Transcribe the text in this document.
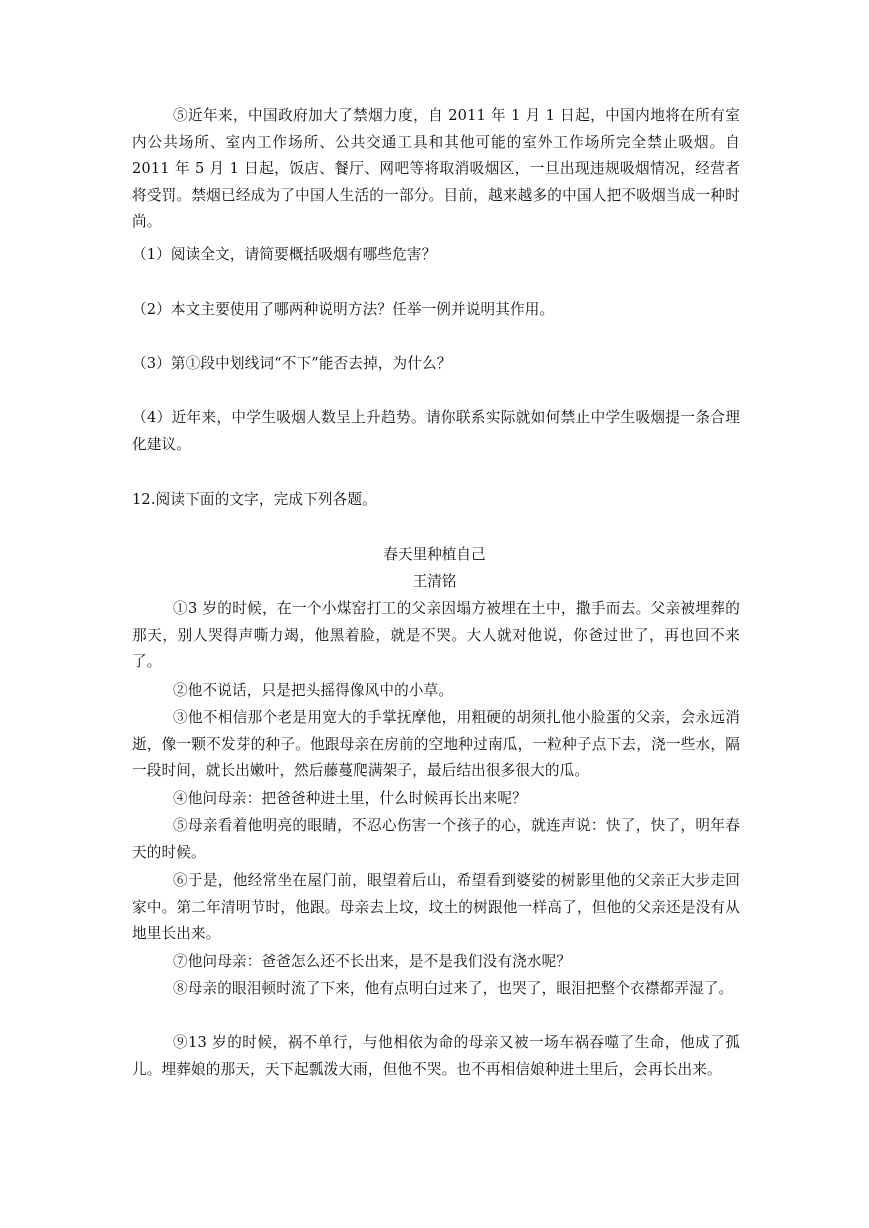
⑤近年来，中国政府加大了禁烟力度，自 2011 年 1 月 1 日起，中国内地将在所有室内公共场所、室内工作场所、公共交通工具和其他可能的室外工作场所完全禁止吸烟。自 2011 年 5 月 1 日起，饭店、餐厅、网吧等将取消吸烟区，一旦出现违规吸烟情况，经营者将受罚。禁烟已经成为了中国人生活的一部分。目前，越来越多的中国人把不吸烟当成一种时尚。
（1）阅读全文，请简要概括吸烟有哪些危害？
（2）本文主要使用了哪两种说明方法？任举一例并说明其作用。
（3）第①段中划线词“不下”能否去掉，为什么？
（4）近年来，中学生吸烟人数呈上升趋势。请你联系实际就如何禁止中学生吸烟提一条合理化建议。
12.阅读下面的文字，完成下列各题。
春天里种植自己
王清铭
①3 岁的时候，在一个小煤窑打工的父亲因塌方被埋在土中，撒手而去。父亲被埋葬的那天，别人哭得声嘶力竭，他黑着脸，就是不哭。大人就对他说，你爸过世了，再也回不来了。
②他不说话，只是把头摇得像风中的小草。
③他不相信那个老是用宽大的手掌抚摩他，用粗硬的胡须扎他小脸蛋的父亲，会永远消逝，像一颗不发芽的种子。他跟母亲在房前的空地种过南瓜，一粒种子点下去，浇一些水，隔一段时间，就长出嫩叶，然后藤蔓爬满架子，最后结出很多很大的瓜。
④他问母亲：把爸爸种进土里，什么时候再长出来呢？
⑤母亲看着他明亮的眼睛，不忍心伤害一个孩子的心，就连声说：快了，快了，明年春天的时候。
⑥于是，他经常坐在屋门前，眼望着后山，希望看到婆娑的树影里他的父亲正大步走回家中。第二年清明节时，他跟。母亲去上坟，坟土的树跟他一样高了，但他的父亲还是没有从地里长出来。
⑦他问母亲：爸爸怎么还不长出来，是不是我们没有浇水呢？
⑧母亲的眼泪顿时流了下来，他有点明白过来了，也哭了，眼泪把整个衣襟都弄湿了。
⑨13 岁的时候，祸不单行，与他相依为命的母亲又被一场车祸吞噬了生命，他成了孤儿。埋葬娘的那天，天下起瓢泼大雨，但他不哭。也不再相信娘种进土里后，会再长出来。
